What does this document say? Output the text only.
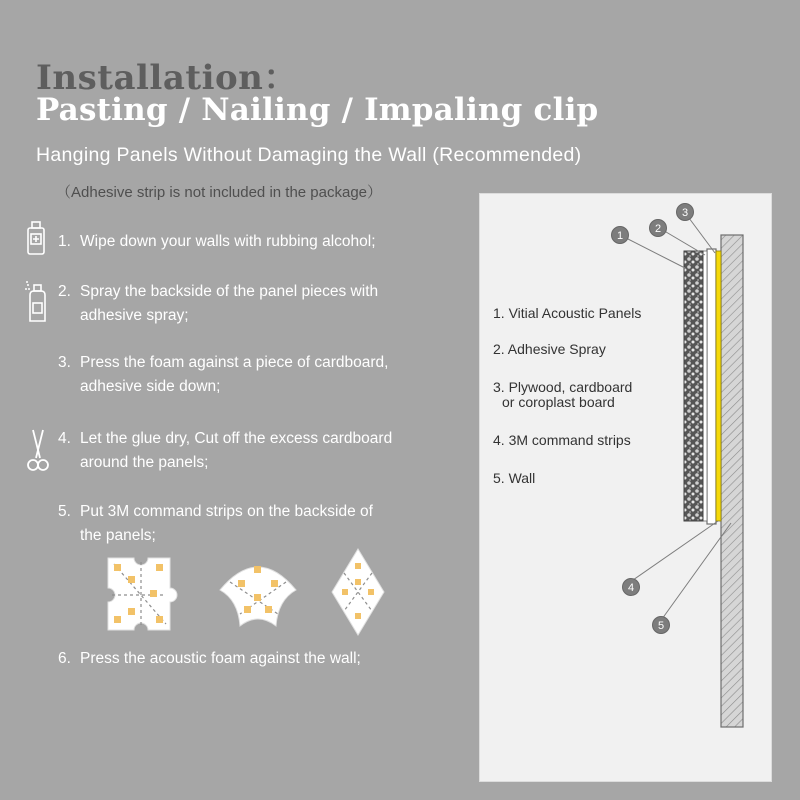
Installation：
Pasting / Nailing / Impaling clip
Hanging Panels Without Damaging the Wall (Recommended)
（Adhesive strip is not included in the package）
1. Wipe down your walls with rubbing alcohol;
2. Spray the backside of the panel pieces with
adhesive spray;
3. Press the foam against a piece of cardboard,
adhesive side down;
4. Let the glue dry, Cut off the excess cardboard
around the panels;
5. Put 3M command strips on the backside of
the panels;
6. Press the acoustic foam against the wall;
1
2
3
4
5
1. Vitial Acoustic Panels
2. Adhesive Spray
3. Plywood, cardboard
or coroplast board
4. 3M command strips
5. Wall
